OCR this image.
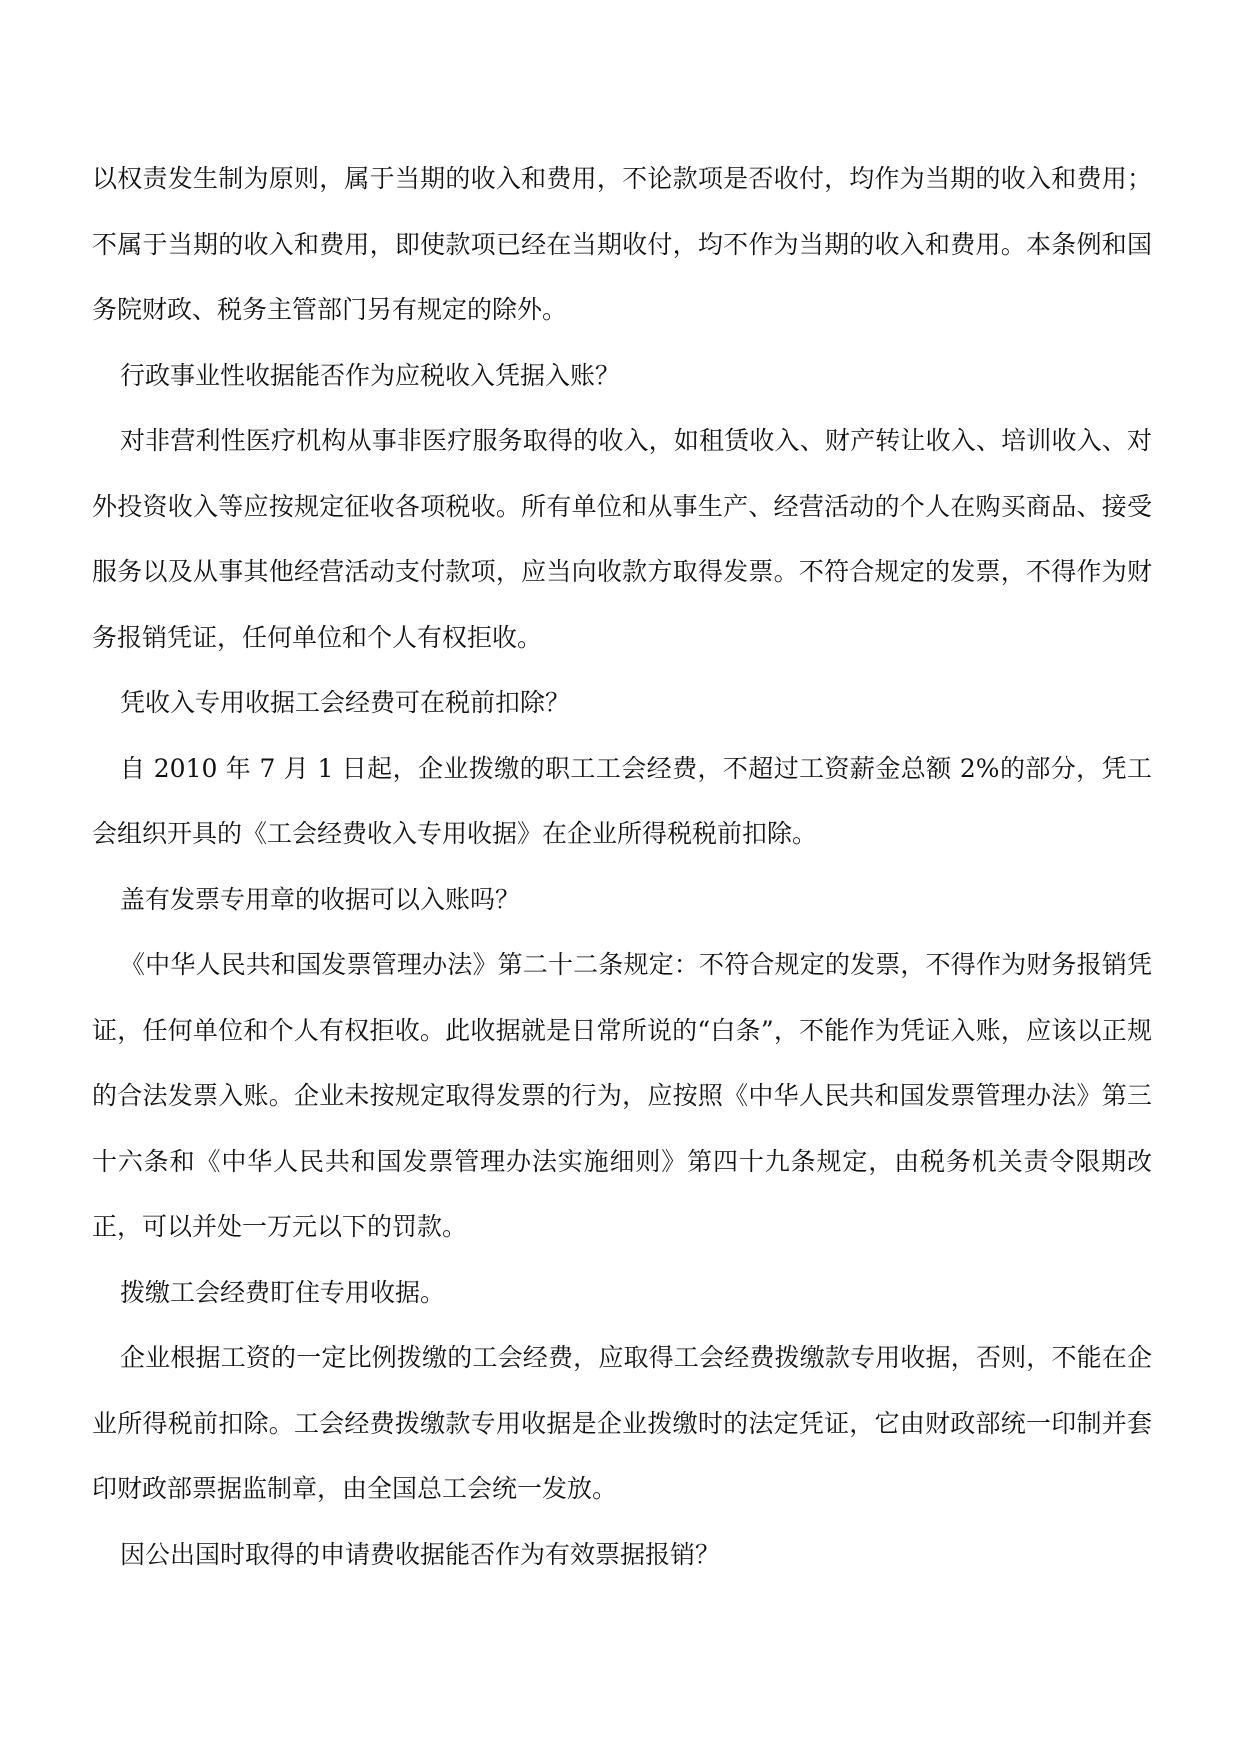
以权责发生制为原则，属于当期的收入和费用，不论款项是否收付，均作为当期的收入和费用；不属于当期的收入和费用，即使款项已经在当期收付，均不作为当期的收入和费用。本条例和国务院财政、税务主管部门另有规定的除外。

行政事业性收据能否作为应税收入凭据入账？

对非营利性医疗机构从事非医疗服务取得的收入，如租赁收入、财产转让收入、培训收入、对外投资收入等应按规定征收各项税收。所有单位和从事生产、经营活动的个人在购买商品、接受服务以及从事其他经营活动支付款项，应当向收款方取得发票。不符合规定的发票，不得作为财务报销凭证，任何单位和个人有权拒收。

凭收入专用收据工会经费可在税前扣除？

自 2010 年 7 月 1 日起，企业拨缴的职工工会经费，不超过工资薪金总额 2%的部分，凭工会组织开具的《工会经费收入专用收据》在企业所得税税前扣除。

盖有发票专用章的收据可以入账吗？

《中华人民共和国发票管理办法》第二十二条规定：不符合规定的发票，不得作为财务报销凭证，任何单位和个人有权拒收。此收据就是日常所说的“白条”，不能作为凭证入账，应该以正规的合法发票入账。企业未按规定取得发票的行为，应按照《中华人民共和国发票管理办法》第三十六条和《中华人民共和国发票管理办法实施细则》第四十九条规定，由税务机关责令限期改正，可以并处一万元以下的罚款。

拨缴工会经费盯住专用收据。

企业根据工资的一定比例拨缴的工会经费，应取得工会经费拨缴款专用收据，否则，不能在企业所得税前扣除。工会经费拨缴款专用收据是企业拨缴时的法定凭证，它由财政部统一印制并套印财政部票据监制章，由全国总工会统一发放。

因公出国时取得的申请费收据能否作为有效票据报销？
